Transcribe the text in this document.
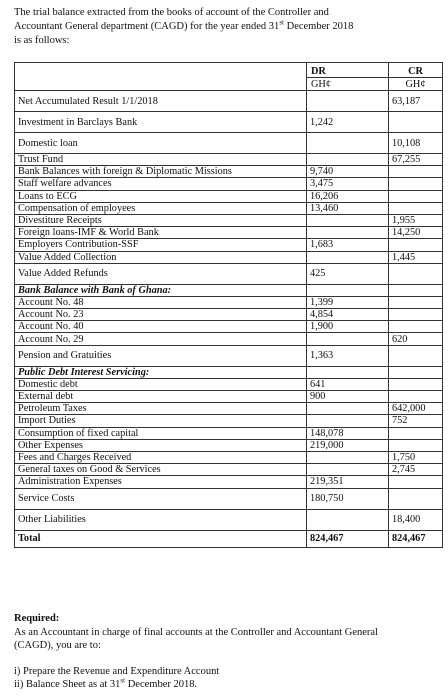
The trial balance extracted from the books of account of the Controller and
Accountant General department (CAGD) for the year ended 31st December 2018
is as follows:
	DR	CR
	GH¢	GH¢
Net Accumulated Result 1/1/2018		63,187
Investment in Barclays Bank	1,242	
Domestic loan		10,108
Trust Fund		67,255
Bank Balances with foreign & Diplomatic Missions	9,740	
Staff welfare advances	3,475	
Loans to ECG	16,206	
Compensation of employees	13,460	
Divestiture Receipts		1,955
Foreign loans-IMF & World Bank		14,250
Employers Contribution-SSF	1,683	
Value Added Collection		1,445
Value Added Refunds	425	
Bank Balance with Bank of Ghana:		
Account No. 48	1,399	
Account No. 23	4,854	
Account No. 40	1,900	
Account No. 29		620
Pension and Gratuities	1,363	
Public Debt Interest Servicing:		
Domestic debt	641	
External debt	900	
Petroleum Taxes		642,000
Import Duties		752
Consumption of fixed capital	148,078	
Other Expenses	219,000	
Fees and Charges Received		1,750
General taxes on Good & Services		2,745
Administration Expenses	219,351	
Service Costs	180,750	
Other Liabilities		18,400
Total	824,467	824,467
Required:
As an Accountant in charge of final accounts at the Controller and Accountant General
(CAGD), you are to:
i) Prepare the Revenue and Expenditure Account
ii) Balance Sheet as at 31st December 2018.
